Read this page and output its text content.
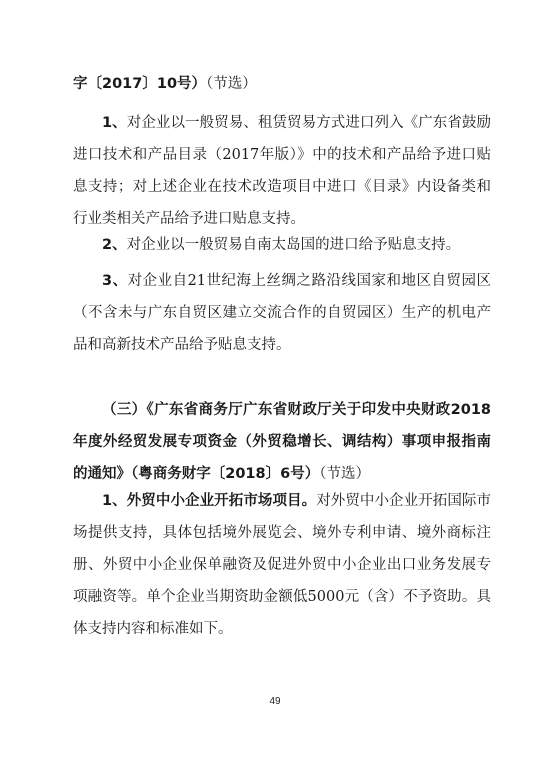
字〔2017〕10号）（节选）

1、对企业以一般贸易、租赁贸易方式进口列入《广东省鼓励进口技术和产品目录（2017年版）》中的技术和产品给予进口贴息支持；对上述企业在技术改造项目中进口《目录》内设备类和行业类相关产品给予进口贴息支持。

2、对企业以一般贸易自南太岛国的进口给予贴息支持。

3、对企业自21世纪海上丝绸之路沿线国家和地区自贸园区（不含未与广东自贸区建立交流合作的自贸园区）生产的机电产品和高新技术产品给予贴息支持。

（三）《广东省商务厅广东省财政厅关于印发中央财政2018年度外经贸发展专项资金（外贸稳增长、调结构）事项申报指南的通知》（粤商务财字〔2018〕6号）（节选）

1、外贸中小企业开拓市场项目。对外贸中小企业开拓国际市场提供支持，具体包括境外展览会、境外专利申请、境外商标注册、外贸中小企业保单融资及促进外贸中小企业出口业务发展专项融资等。单个企业当期资助金额低5000元（含）不予资助。具体支持内容和标准如下。

49
